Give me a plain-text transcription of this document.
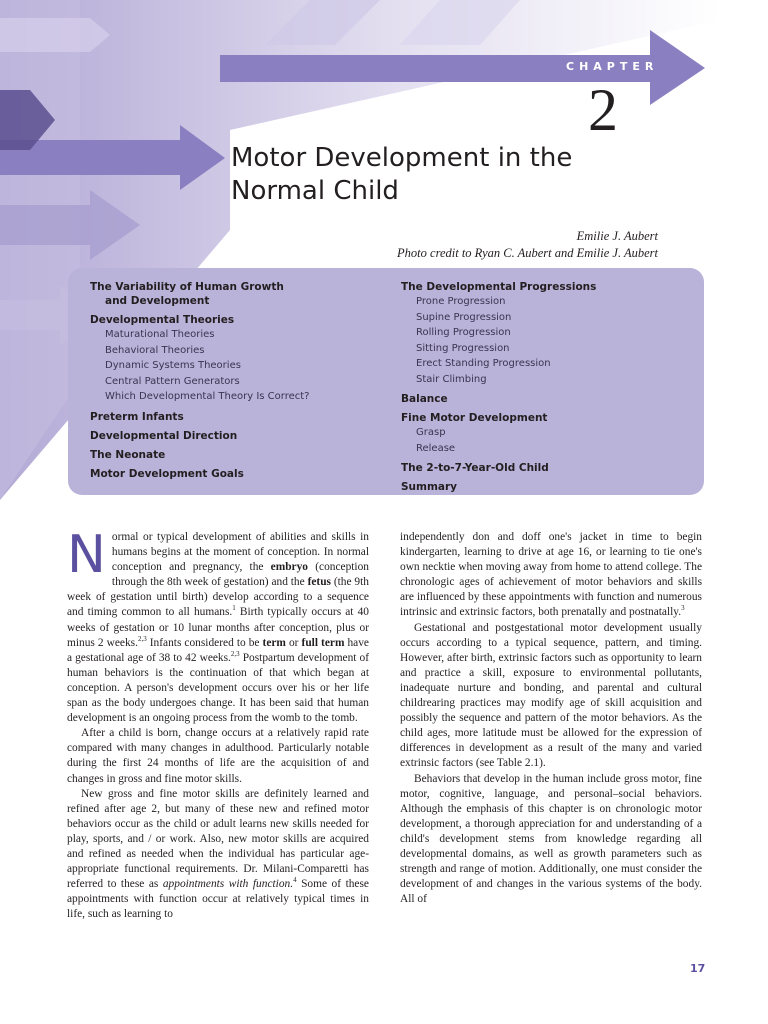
CHAPTER
2
Motor Development in the
Normal Child
Emilie J. Aubert
Photo credit to Ryan C. Aubert and Emilie J. Aubert
The Variability of Human Growth
and Development
Developmental Theories
Maturational Theories
Behavioral Theories
Dynamic Systems Theories
Central Pattern Generators
Which Developmental Theory Is Correct?
Preterm Infants
Developmental Direction
The Neonate
Motor Development Goals
The Developmental Progressions
Prone Progression
Supine Progression
Rolling Progression
Sitting Progression
Erect Standing Progression
Stair Climbing
Balance
Fine Motor Development
Grasp
Release
The 2-to-7-Year-Old Child
Summary

Normal or typical development of abilities and skills in humans begins at the moment of conception. In normal conception and pregnancy, the embryo (conception through the 8th week of gestation) and the fetus (the 9th week of gestation until birth) develop according to a sequence and timing common to all humans.$^1$ Birth typically occurs at 40 weeks of gestation or 10 lunar months after conception, plus or minus 2 weeks.$^{2,3}$ Infants considered to be term or full term have a gestational age of 38 to 42 weeks.$^{2,3}$ Postpartum development of human behaviors is the continuation of that which began at conception. A person's development occurs over his or her life span as the body undergoes change. It has been said that human development is an ongoing process from the womb to the tomb.

After a child is born, change occurs at a relatively rapid rate compared with many changes in adulthood. Particularly notable during the first 24 months of life are the acquisition of and changes in gross and fine motor skills.

New gross and fine motor skills are definitely learned and refined after age 2, but many of these new and refined motor behaviors occur as the child or adult learns new skills needed for play, sports, and / or work. Also, new motor skills are acquired and refined as needed when the individual has particular age-appropriate functional requirements. Dr. Milani-Comparetti has referred to these as appointments with function.$^4$ Some of these appointments with function occur at relatively typical times in life, such as learning to

independently don and doff one's jacket in time to begin kindergarten, learning to drive at age 16, or learning to tie one's own necktie when moving away from home to attend college. The chronologic ages of achievement of motor behaviors and skills are influenced by these appointments with function and numerous intrinsic and extrinsic factors, both prenatally and postnatally.$^3$

Gestational and postgestational motor development usually occurs according to a typical sequence, pattern, and timing. However, after birth, extrinsic factors such as opportunity to learn and practice a skill, exposure to environmental pollutants, inadequate nurture and bonding, and parental and cultural childrearing practices may modify age of skill acquisition and possibly the sequence and pattern of the motor behaviors. As the child ages, more latitude must be allowed for the expression of differences in development as a result of the many and varied extrinsic factors (see Table 2.1).

Behaviors that develop in the human include gross motor, fine motor, cognitive, language, and personal–social behaviors. Although the emphasis of this chapter is on chronologic motor development, a thorough appreciation for and understanding of a child's development stems from knowledge regarding all developmental domains, as well as growth parameters such as strength and range of motion. Additionally, one must consider the development of and changes in the various systems of the body. All of

17
